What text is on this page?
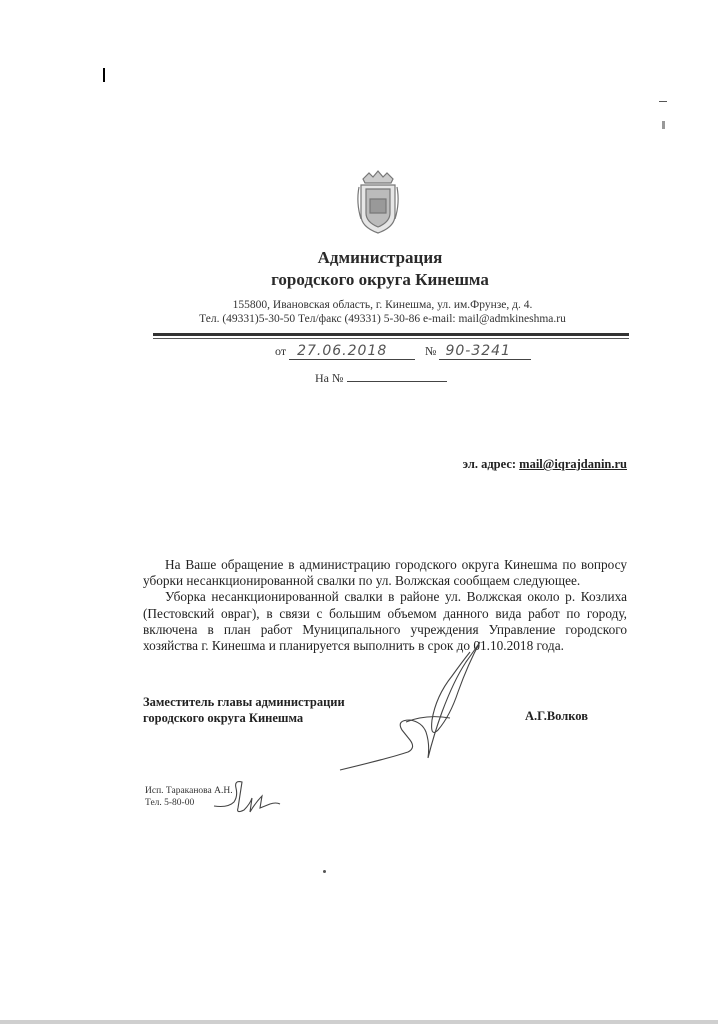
Администрация
городского округа Кинешма
155800, Ивановская область, г. Кинешма, ул. им.Фрунзе, д. 4.
Тел. (49331)5-30-50 Тел/факс (49331) 5-30-86 e-mail: mail@admkineshma.ru
от 27.06.2018	№ 90-3241
На №
эл. адрес: mail@iqrajdanin.ru

На Ваше обращение в администрацию городского округа Кинешма по вопросу уборки несанкционированной свалки по ул. Волжская сообщаем следующее.

Уборка несанкционированной свалки в районе ул. Волжская около р. Козлиха (Пестовский овраг), в связи с большим объемом данного вида работ по городу, включена в план работ Муниципального учреждения Управление городского хозяйства г. Кинешма и планируется выполнить в срок до 01.10.2018 года.

Заместитель главы администрации
городского округа Кинешма	А.Г.Волков
Исп. Тараканова А.Н.
Тел. 5-80-00
